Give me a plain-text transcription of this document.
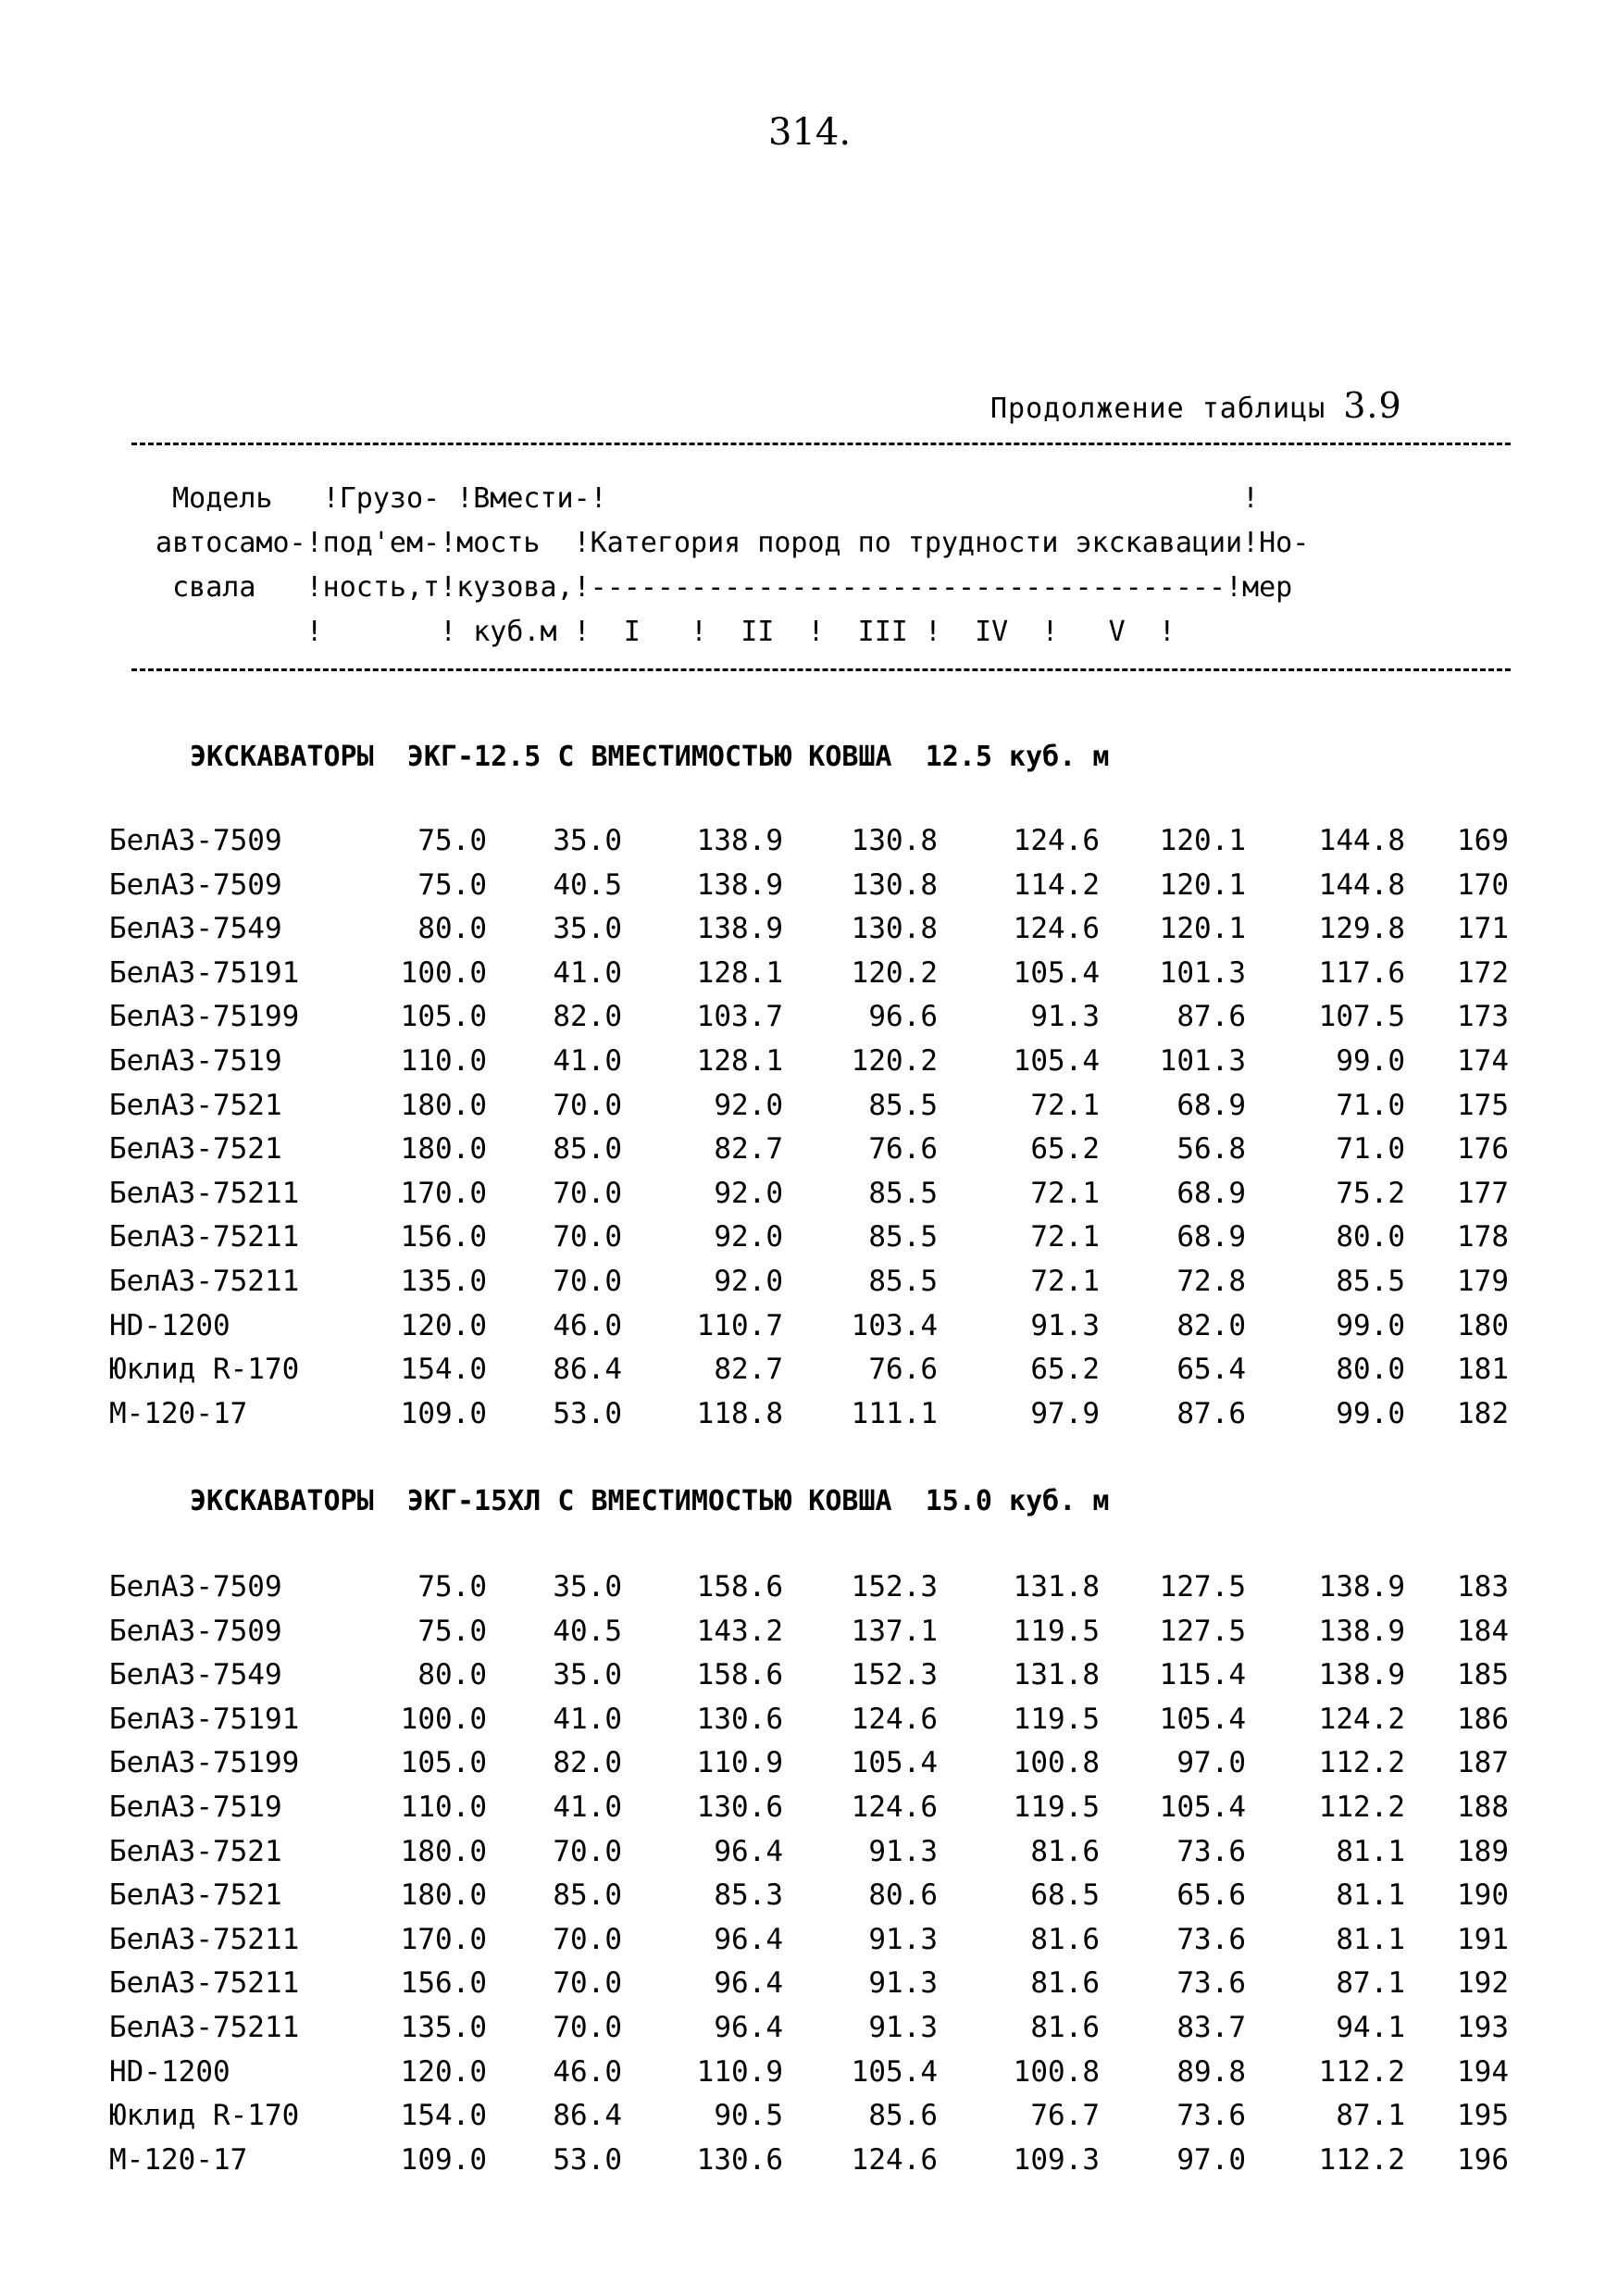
314.
Продолжение таблицы 3.9
Модель   !Грузо- !Вмести-!                                      !
автосамо-!под'ем-!мость  !Категория пород по трудности экскавации!Но-
свала   !ность,т!кузова,!--------------------------------------!мер
!       ! куб.м !  I   !  II  !  III !  IV  !   V  !
ЭКСКАВАТОРЫ  ЭКГ-12.5 С ВМЕСТИМОСТЬЮ КОВША  12.5 куб. м
БелАЗ-7509	75.0 35.0	138.9 130.8	124.6 120.1	144.8 169
БелАЗ-7509	75.0 40.5	138.9 130.8	114.2 120.1	144.8 170
БелАЗ-7549	80.0 35.0	138.9 130.8	124.6 120.1	129.8 171
БелАЗ-75191	100.0 41.0	128.1 120.2	105.4 101.3	117.6 172
БелАЗ-75199	105.0 82.0	103.7	96.6	91.3	87.6	107.5 173
БелАЗ-7519	110.0 41.0	128.1 120.2	105.4 101.3	99.0 174
БелАЗ-7521	180.0 70.0	92.0	85.5	72.1	68.9	71.0 175
БелАЗ-7521	180.0 85.0	82.7	76.6	65.2	56.8	71.0 176
БелАЗ-75211	170.0 70.0	92.0	85.5	72.1	68.9	75.2 177
БелАЗ-75211	156.0 70.0	92.0	85.5	72.1	68.9	80.0 178
БелАЗ-75211	135.0 70.0	92.0	85.5	72.1	72.8	85.5 179
HD-1200	120.0 46.0	110.7 103.4	91.3	82.0	99.0 180
Юклид R-170	154.0 86.4	82.7	76.6	65.2	65.4	80.0 181
М-120-17	109.0 53.0	118.8 111.1	97.9	87.6	99.0 182
ЭКСКАВАТОРЫ  ЭКГ-15ХЛ С ВМЕСТИМОСТЬЮ КОВША  15.0 куб. м
БелАЗ-7509	75.0 35.0	158.6 152.3	131.8 127.5	138.9 183
БелАЗ-7509	75.0 40.5	143.2 137.1	119.5 127.5	138.9 184
БелАЗ-7549	80.0 35.0	158.6 152.3	131.8 115.4	138.9 185
БелАЗ-75191	100.0 41.0	130.6 124.6	119.5 105.4	124.2 186
БелАЗ-75199	105.0 82.0	110.9 105.4	100.8	97.0	112.2 187
БелАЗ-7519	110.0 41.0	130.6 124.6	119.5 105.4	112.2 188
БелАЗ-7521	180.0 70.0	96.4	91.3	81.6	73.6	81.1 189
БелАЗ-7521	180.0 85.0	85.3	80.6	68.5	65.6	81.1 190
БелАЗ-75211	170.0 70.0	96.4	91.3	81.6	73.6	81.1 191
БелАЗ-75211	156.0 70.0	96.4	91.3	81.6	73.6	87.1 192
БелАЗ-75211	135.0 70.0	96.4	91.3	81.6	83.7	94.1 193
HD-1200	120.0 46.0	110.9 105.4	100.8	89.8	112.2 194
Юклид R-170	154.0 86.4	90.5	85.6	76.7	73.6	87.1 195
М-120-17	109.0 53.0	130.6 124.6	109.3	97.0	112.2 196
